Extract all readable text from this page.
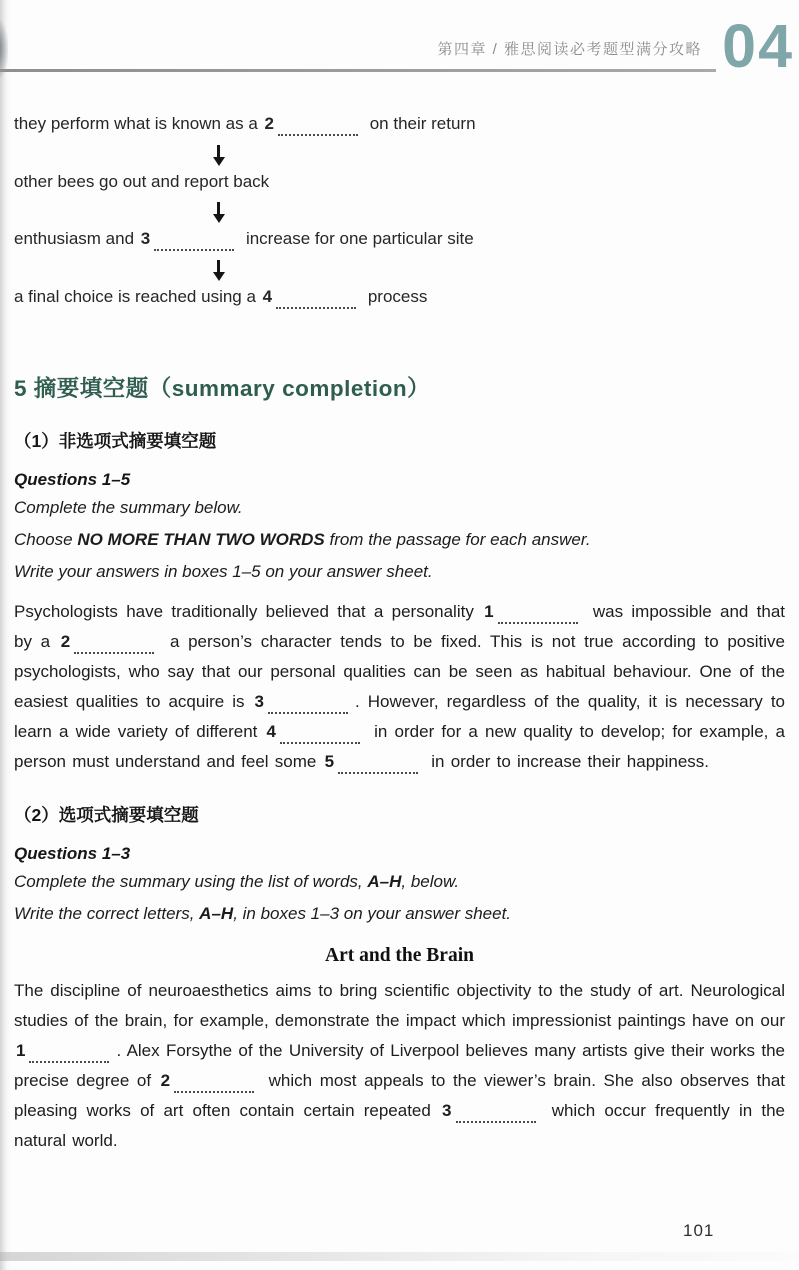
第四章 / 雅思阅读必考题型满分攻略 04
they perform what is known as a 2	on their return
other bees go out and report back
enthusiasm and 3	increase for one particular site
a final choice is reached using a 4	process
5 摘要填空题（summary completion）
（1）非选项式摘要填空题

Questions 1–5

Complete the summary below.

Choose NO MORE THAN TWO WORDS from the passage for each answer.

Write your answers in boxes 1–5 on your answer sheet.

Psychologists have traditionally believed that a personality 1	was impossible and that by a 2	a person’s character tends to be fixed. This is not true according to positive psychologists, who say that our personal qualities can be seen as habitual behaviour. One of the easiest qualities to acquire is 3	. However, regardless of the quality, it is necessary to learn a wide variety of different 4	in order for a new quality to develop; for example, a person must understand and feel some 5	in order to increase their happiness.

（2）选项式摘要填空题

Questions 1–3

Complete the summary using the list of words, A–H, below.

Write the correct letters, A–H, in boxes 1–3 on your answer sheet.

Art and the Brain

The discipline of neuroaesthetics aims to bring scientific objectivity to the study of art. Neurological studies of the brain, for example, demonstrate the impact which impressionist paintings have on our 1	. Alex Forsythe of the University of Liverpool believes many artists give their works the precise degree of 2	which most appeals to the viewer’s brain. She also observes that pleasing works of art often contain certain repeated 3	which occur frequently in the natural world.

101
